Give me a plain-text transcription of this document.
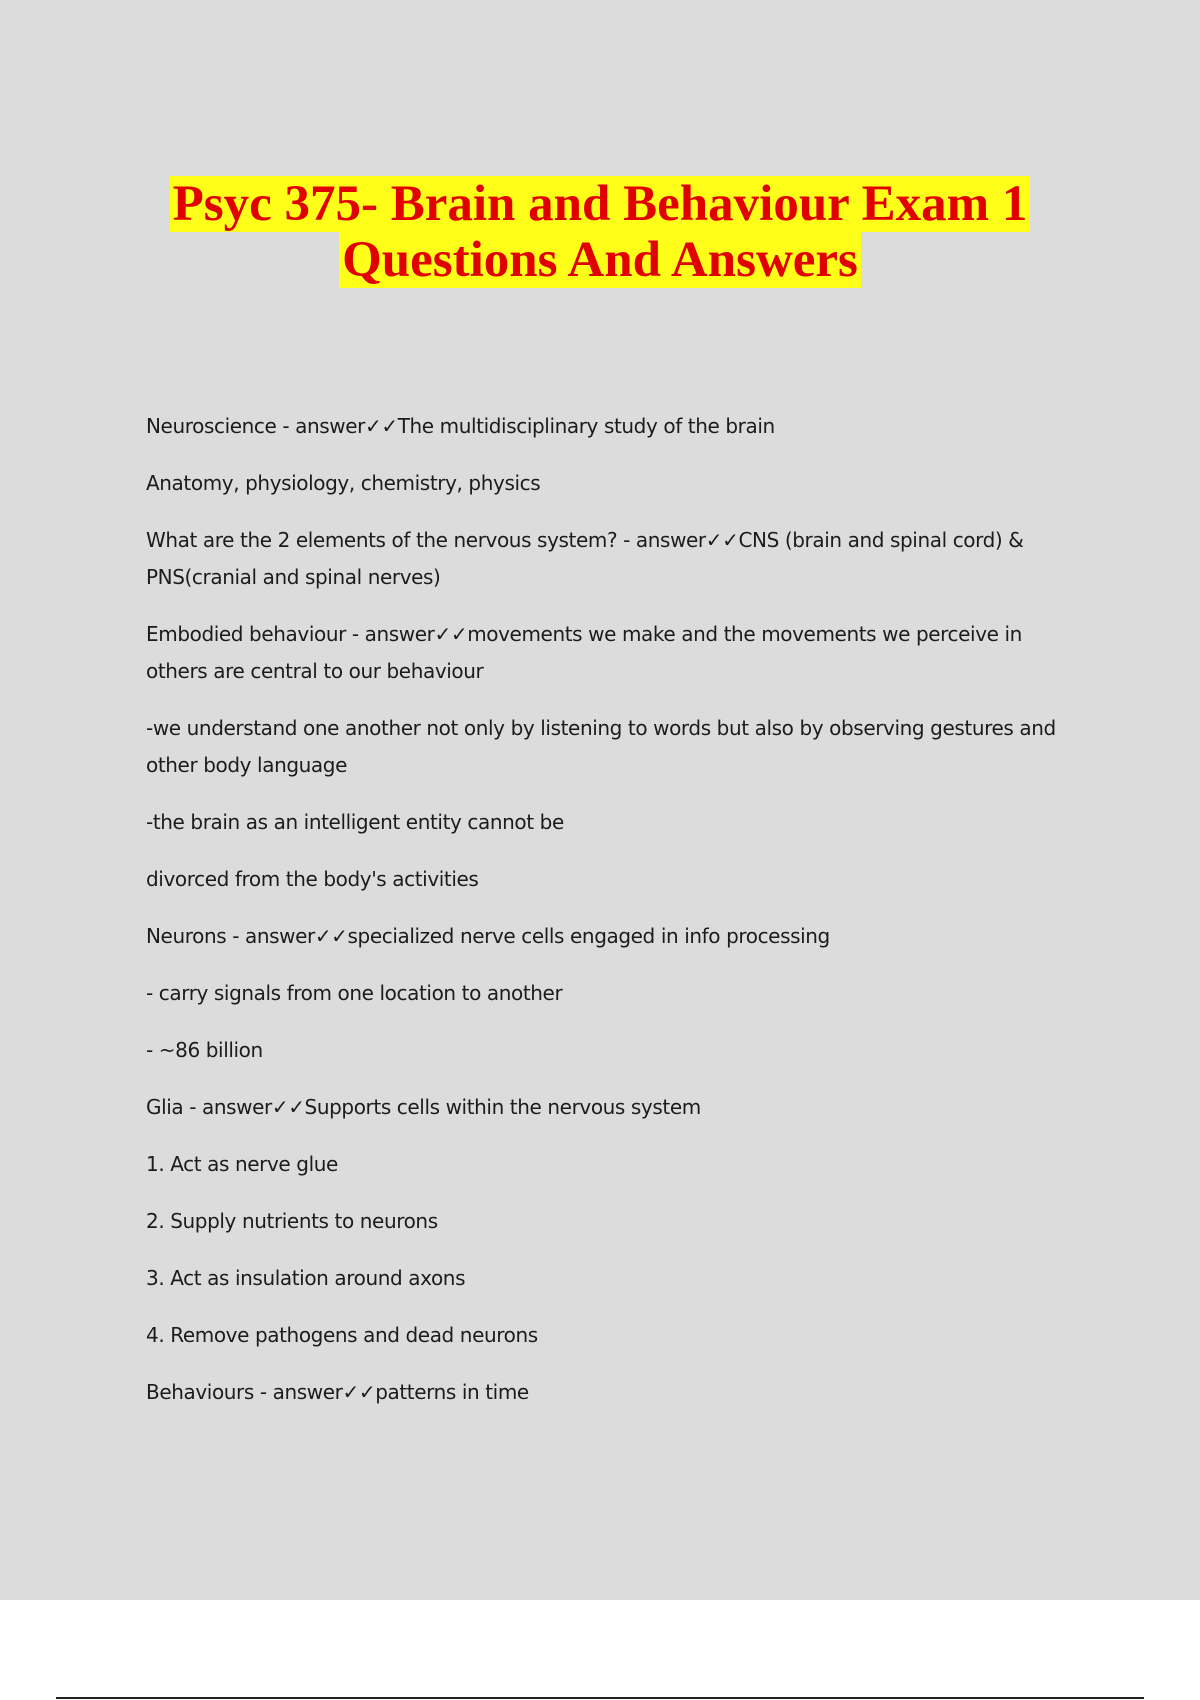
Psyc 375- Brain and Behaviour Exam 1
Questions And Answers

Neuroscience - answer✓✓The multidisciplinary study of the brain

Anatomy, physiology, chemistry, physics

What are the 2 elements of the nervous system? - answer✓✓CNS (brain and spinal cord) & PNS(cranial and spinal nerves)

Embodied behaviour - answer✓✓movements we make and the movements we perceive in others are central to our behaviour

-we understand one another not only by listening to words but also by observing gestures and other body language

-the brain as an intelligent entity cannot be

divorced from the body's activities

Neurons - answer✓✓specialized nerve cells engaged in info processing

- carry signals from one location to another

- ~86 billion

Glia - answer✓✓Supports cells within the nervous system

1. Act as nerve glue

2. Supply nutrients to neurons

3. Act as insulation around axons

4. Remove pathogens and dead neurons

Behaviours - answer✓✓patterns in time
